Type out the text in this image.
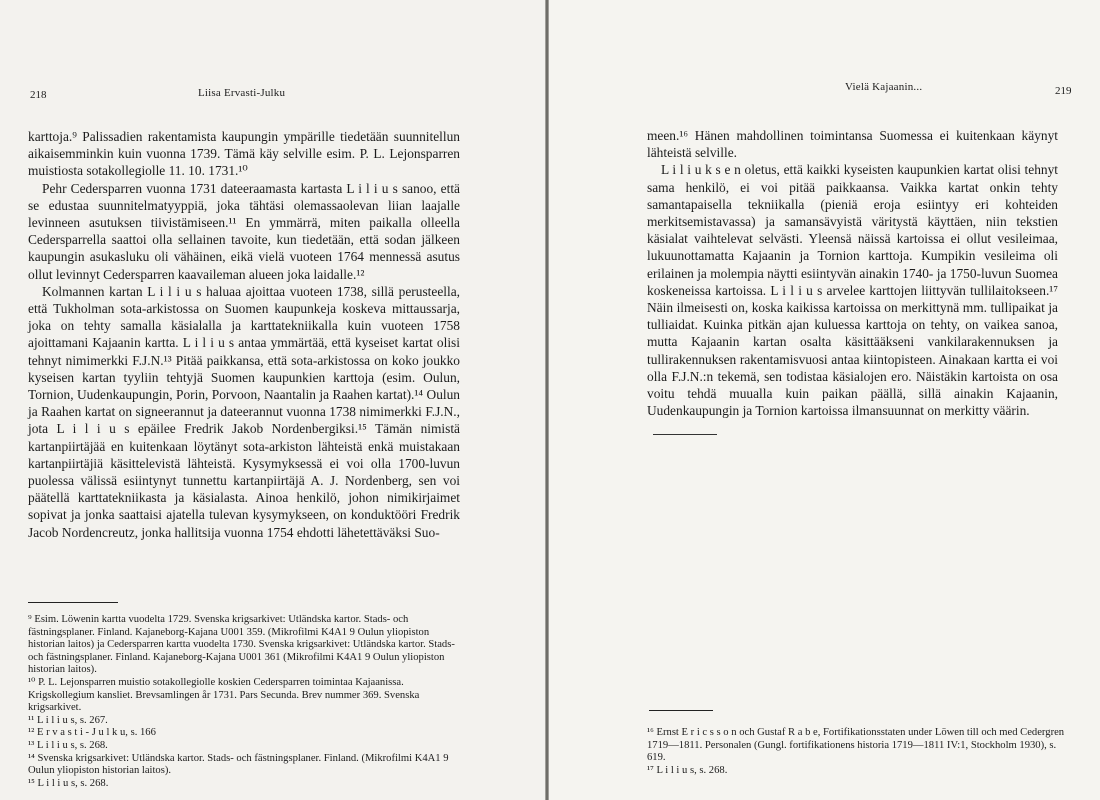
218	Liisa Ervasti-Julku

karttoja.⁹ Palissadien rakentamista kaupungin ympärille tiedetään suunnitellun aikaisemminkin kuin vuonna 1739. Tämä käy selville esim. P. L. Lejonsparren muistiosta sotakollegiolle 11. 10. 1731.¹⁰

Pehr Cedersparren vuonna 1731 dateeraamasta kartasta L i l i u s sanoo, että se edustaa suunnitelmatyyppiä, joka tähtäsi olemassaolevan liian laajalle levinneen asutuksen tiivistämiseen.¹¹ En ymmärrä, miten paikalla olleella Cedersparrella saattoi olla sellainen tavoite, kun tiedetään, että sodan jälkeen kaupungin asukasluku oli vähäinen, eikä vielä vuoteen 1764 mennessä asutus ollut levinnyt Cedersparren kaavaileman alueen joka laidalle.¹²

Kolmannen kartan L i l i u s haluaa ajoittaa vuoteen 1738, sillä perusteella, että Tukholman sota-arkistossa on Suomen kaupunkeja koskeva mittaussarja, joka on tehty samalla käsialalla ja karttatekniikalla kuin vuoteen 1758 ajoittamani Kajaanin kartta. L i l i u s antaa ymmärtää, että kyseiset kartat olisi tehnyt nimimerkki F.J.N.¹³ Pitää paikkansa, että sota-arkistossa on koko joukko kyseisen kartan tyyliin tehtyjä Suomen kaupunkien karttoja (esim. Oulun, Tornion, Uudenkaupungin, Porin, Porvoon, Naantalin ja Raahen kartat).¹⁴ Oulun ja Raahen kartat on signeerannut ja dateerannut vuonna 1738 nimimerkki F.J.N., jota L i l i u s epäilee Fredrik Jakob Nordenbergiksi.¹⁵ Tämän nimistä kartanpiirtäjää en kuitenkaan löytänyt sota-arkiston lähteistä enkä muistakaan kartanpiirtäjiä käsittelevistä lähteistä. Kysymyksessä ei voi olla 1700-luvun puolessa välissä esiintynyt tunnettu kartanpiirtäjä A. J. Nordenberg, sen voi päätellä karttatekniikasta ja käsialasta. Ainoa henkilö, johon nimikirjaimet sopivat ja jonka saattaisi ajatella tulevan kysymykseen, on konduktööri Fredrik Jacob Nordencreutz, jonka hallitsija vuonna 1754 ehdotti lähetettäväksi Suo-

⁹ Esim. Löwenin kartta vuodelta 1729. Svenska krigsarkivet: Utländska kartor. Stads- och fästningsplaner. Finland. Kajaneborg-Kajana U001 359. (Mikrofilmi K4A1 9 Oulun yliopiston historian laitos) ja Cedersparren kartta vuodelta 1730. Svenska krigsarkivet: Utländska kartor. Stads- och fästningsplaner. Finland. Kajaneborg-Kajana U001 361 (Mikrofilmi K4A1 9 Oulun yliopiston historian laitos).

¹⁰ P. L. Lejonsparren muistio sotakollegiolle koskien Cedersparren toimintaa Kajaanissa. Krigskollegium kansliet. Brevsamlingen år 1731. Pars Secunda. Brev nummer 369. Svenska krigsarkivet.

¹¹ L i l i u s, s. 267.

¹² E r v a s t i - J u l k u, s. 166

¹³ L i l i u s, s. 268.

¹⁴ Svenska krigsarkivet: Utländska kartor. Stads- och fästningsplaner. Finland. (Mikrofilmi K4A1 9 Oulun yliopiston historian laitos).

¹⁵ L i l i u s, s. 268.

Vielä Kajaanin...	219

meen.¹⁶ Hänen mahdollinen toimintansa Suomessa ei kuitenkaan käynyt lähteistä selville.

L i l i u k s e n oletus, että kaikki kyseisten kaupunkien kartat olisi tehnyt sama henkilö, ei voi pitää paikkaansa. Vaikka kartat onkin tehty samantapaisella tekniikalla (pieniä eroja esiintyy eri kohteiden merkitsemistavassa) ja samansävyistä väritystä käyttäen, niin tekstien käsialat vaihtelevat selvästi. Yleensä näissä kartoissa ei ollut vesileimaa, lukuunottamatta Kajaanin ja Tornion karttoja. Kumpikin vesileima oli erilainen ja molempia näytti esiintyvän ainakin 1740- ja 1750-luvun Suomea koskeneissa kartoissa. L i l i u s arvelee karttojen liittyvän tullilaitokseen.¹⁷ Näin ilmeisesti on, koska kaikissa kartoissa on merkittynä mm. tullipaikat ja tulliaidat. Kuinka pitkän ajan kuluessa karttoja on tehty, on vaikea sanoa, mutta Kajaanin kartan osalta käsittääkseni vankilarakennuksen ja tullirakennuksen rakentamisvuosi antaa kiintopisteen. Ainakaan kartta ei voi olla F.J.N.:n tekemä, sen todistaa käsialojen ero. Näistäkin kartoista on osa voitu tehdä muualla kuin paikan päällä, sillä ainakin Kajaanin, Uudenkaupungin ja Tornion kartoissa ilmansuunnat on merkitty väärin.

¹⁶ Ernst E r i c s s o n och Gustaf R a b e, Fortifikationsstaten under Löwen till och med Cedergren 1719—1811. Personalen (Gungl. fortifikationens historia 1719—1811 IV:1, Stockholm 1930), s. 619.

¹⁷ L i l i u s, s. 268.
